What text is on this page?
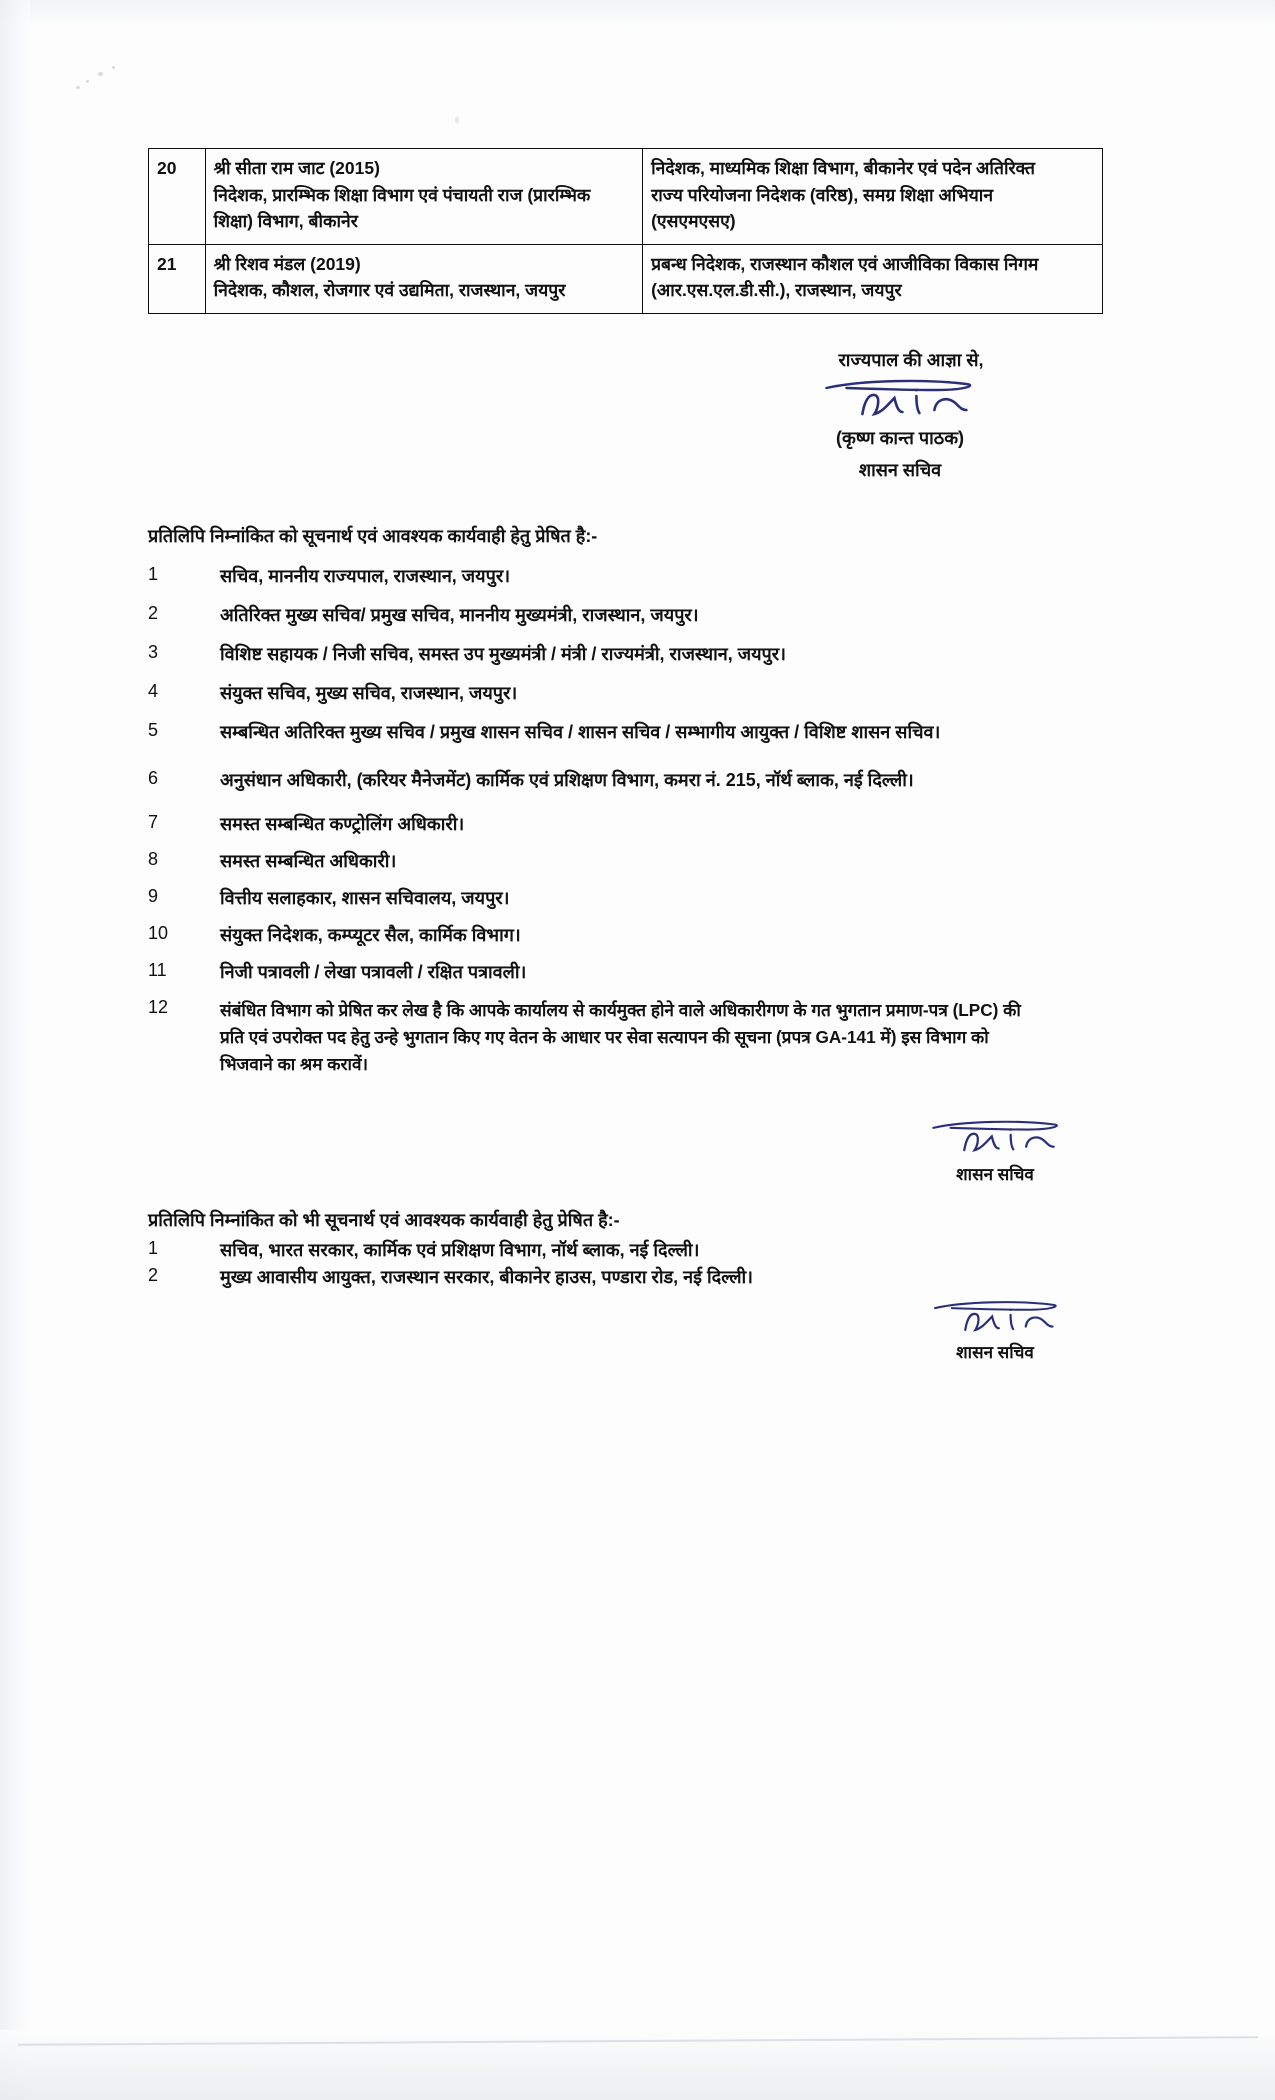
20	श्री सीता राम जाट (2015)
निदेशक, प्रारम्भिक शिक्षा विभाग एवं पंचायती राज (प्रारम्भिक
शिक्षा) विभाग, बीकानेर	निदेशक, माध्यमिक शिक्षा विभाग, बीकानेर एवं पदेन अतिरिक्त
राज्य परियोजना निदेशक (वरिष्ठ), समग्र शिक्षा अभियान
(एसएमएसए)

21	श्री रिशव मंडल (2019)
निदेशक, कौशल, रोजगार एवं उद्यमिता, राजस्थान, जयपुर	प्रबन्ध निदेशक, राजस्थान कौशल एवं आजीविका विकास निगम
(आर.एस.एल.डी.सी.), राजस्थान, जयपुर
राज्यपाल की आज्ञा से,
(कृष्ण कान्त पाठक)
शासन सचिव
प्रतिलिपि निम्नांकित को सूचनार्थ एवं आवश्यक कार्यवाही हेतु प्रेषित है:-
1	सचिव, माननीय राज्यपाल, राजस्थान, जयपुर।
2	अतिरिक्त मुख्य सचिव/ प्रमुख सचिव, माननीय मुख्यमंत्री, राजस्थान, जयपुर।
3	विशिष्ट सहायक / निजी सचिव, समस्त उप मुख्यमंत्री / मंत्री / राज्यमंत्री, राजस्थान, जयपुर।
4	संयुक्त सचिव, मुख्य सचिव, राजस्थान, जयपुर।
5	सम्बन्धित अतिरिक्त मुख्य सचिव / प्रमुख शासन सचिव / शासन सचिव / सम्भागीय आयुक्त / विशिष्ट शासन सचिव।
6	अनुसंधान अधिकारी, (करियर मैनेजमेंट) कार्मिक एवं प्रशिक्षण विभाग, कमरा नं. 215, नॉर्थ ब्लाक, नई दिल्ली।
7	समस्त सम्बन्धित कण्ट्रोलिंग अधिकारी।
8	समस्त सम्बन्धित अधिकारी।
9	वित्तीय सलाहकार, शासन सचिवालय, जयपुर।
10	संयुक्त निदेशक, कम्प्यूटर सैल, कार्मिक विभाग।
11	निजी पत्रावली / लेखा पत्रावली / रक्षित पत्रावली।
12	संबंधित विभाग को प्रेषित कर लेख है कि आपके कार्यालय से कार्यमुक्त होने वाले अधिकारीगण के गत भुगतान प्रमाण-पत्र (LPC) की
प्रति एवं उपरोक्त पद हेतु उन्हे भुगतान किए गए वेतन के आधार पर सेवा सत्यापन की सूचना (प्रपत्र GA-141 में) इस विभाग को
भिजवाने का श्रम करावें।
शासन सचिव
प्रतिलिपि निम्नांकित को भी सूचनार्थ एवं आवश्यक कार्यवाही हेतु प्रेषित है:-
1	सचिव, भारत सरकार, कार्मिक एवं प्रशिक्षण विभाग, नॉर्थ ब्लाक, नई दिल्ली।
2	मुख्य आवासीय आयुक्त, राजस्थान सरकार, बीकानेर हाउस, पण्डारा रोड, नई दिल्ली।
शासन सचिव
